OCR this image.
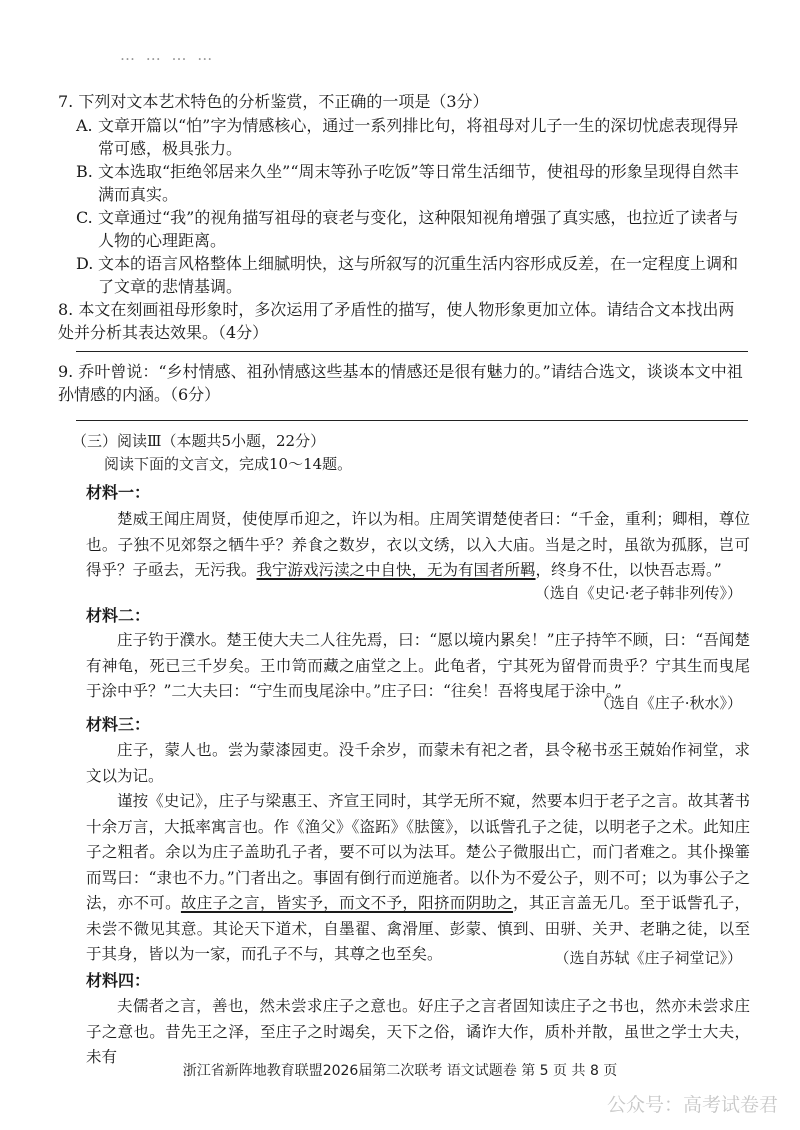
… … … …
7. 下列对文本艺术特色的分析鉴赏，不正确的一项是（3分）
A. 文章开篇以“怕”字为情感核心，通过一系列排比句，将祖母对儿子一生的深切忧虑表现得异常可感，极具张力。
B. 文本选取“拒绝邻居来久坐”“周末等孙子吃饭”等日常生活细节，使祖母的形象呈现得自然丰满而真实。
C. 文章通过“我”的视角描写祖母的衰老与变化，这种限知视角增强了真实感，也拉近了读者与人物的心理距离。
D. 文本的语言风格整体上细腻明快，这与所叙写的沉重生活内容形成反差，在一定程度上调和了文章的悲情基调。
8. 本文在刻画祖母形象时，多次运用了矛盾性的描写，使人物形象更加立体。请结合文本找出两处并分析其表达效果。（4分）
9. 乔叶曾说：“乡村情感、祖孙情感这些基本的情感还是很有魅力的。”请结合选文，谈谈本文中祖孙情感的内涵。（6分）
（三）阅读Ⅲ（本题共5小题，22分）
阅读下面的文言文，完成10～14题。
材料一：
楚威王闻庄周贤，使使厚币迎之，许以为相。庄周笑谓楚使者曰：“千金，重利；卿相，尊位也。子独不见郊祭之牺牛乎？养食之数岁，衣以文绣，以入大庙。当是之时，虽欲为孤豚，岂可得乎？子亟去，无污我。我宁游戏污渎之中自快，无为有国者所羁，终身不仕，以快吾志焉。”
（选自《史记·老子韩非列传》）
材料二：
庄子钓于濮水。楚王使大夫二人往先焉，曰：“愿以境内累矣！”庄子持竿不顾，曰：“吾闻楚有神龟，死已三千岁矣。王巾笥而藏之庙堂之上。此龟者，宁其死为留骨而贵乎？宁其生而曳尾于涂中乎？”二大夫曰：“宁生而曳尾涂中。”庄子曰：“往矣！吾将曳尾于涂中。”
（选自《庄子·秋水》）
材料三：
庄子，蒙人也。尝为蒙漆园吏。没千余岁，而蒙未有祀之者，县令秘书丞王兢始作祠堂，求文以为记。
谨按《史记》，庄子与梁惠王、齐宣王同时，其学无所不窥，然要本归于老子之言。故其著书十余万言，大抵率寓言也。作《渔父》《盗跖》《胠箧》，以诋訾孔子之徒，以明老子之术。此知庄子之粗者。余以为庄子盖助孔子者，要不可以为法耳。楚公子微服出亡，而门者难之。其仆操箠而骂曰：“隶也不力。”门者出之。事固有倒行而逆施者。以仆为不爱公子，则不可；以为事公子之法，亦不可。故庄子之言，皆实予，而文不予，阳挤而阴助之，其正言盖无几。至于诋訾孔子，未尝不微见其意。其论天下道术，自墨翟、禽滑厘、彭蒙、慎到、田骈、关尹、老聃之徒，以至于其身，皆以为一家，而孔子不与，其尊之也至矣。	（选自苏轼《庄子祠堂记》）
材料四：
夫儒者之言，善也，然未尝求庄子之意也。好庄子之言者固知读庄子之书也，然亦未尝求庄子之意也。昔先王之泽，至庄子之时竭矣，天下之俗，谲诈大作，质朴并散，虽世之学士大夫，未有
浙江省新阵地教育联盟2026届第二次联考 语文试题卷 第 5 页 共 8 页
公众号：高考试卷君
